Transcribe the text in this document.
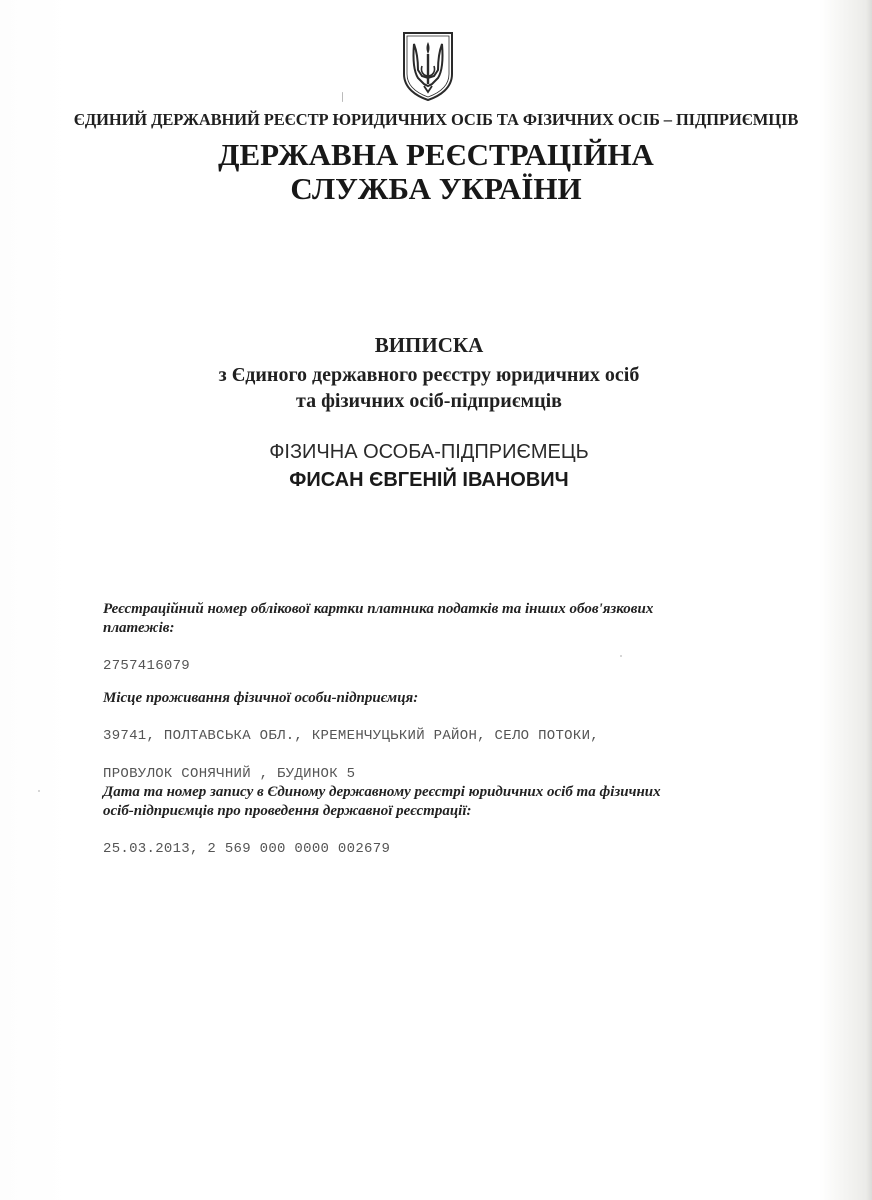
ЄДИНИЙ ДЕРЖАВНИЙ РЕЄСТР ЮРИДИЧНИХ ОСІБ ТА ФІЗИЧНИХ ОСІБ – ПІДПРИЄМЦІВ
ДЕРЖАВНА РЕЄСТРАЦІЙНА
СЛУЖБА УКРАЇНИ
ВИПИСКА
з Єдиного державного реєстру юридичних осіб
та фізичних осіб-підприємців
ФІЗИЧНА ОСОБА-ПІДПРИЄМЕЦЬ
ФИСАН ЄВГЕНІЙ ІВАНОВИЧ
Реєстраційний номер облікової картки платника податків та інших обов'язкових
платежів:

2757416079

Місце проживання фізичної особи-підприємця:

39741, ПОЛТАВСЬКА ОБЛ., КРЕМЕНЧУЦЬКИЙ РАЙОН, СЕЛО ПОТОКИ,

ПРОВУЛОК СОНЯЧНИЙ , БУДИНОК 5

Дата та номер запису в Єдиному державному реєстрі юридичних осіб та фізичних
осіб-підприємців про проведення державної реєстрації:

25.03.2013, 2 569 000 0000 002679
